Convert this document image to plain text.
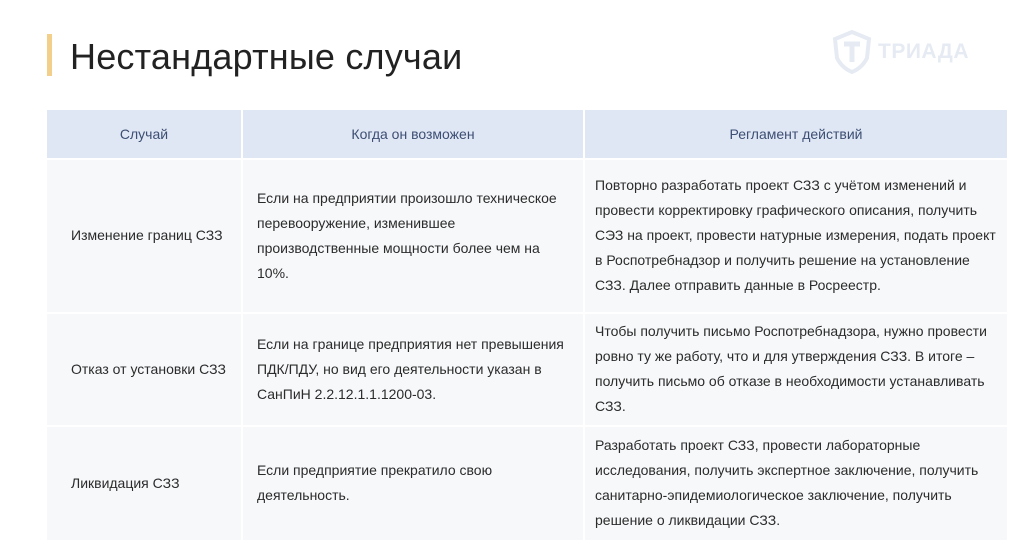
Нестандартные случаи	ТРИАДА
Случай	Когда он возможен	Регламент действий
Изменение границ СЗЗ	Если на предприятии произошло техническое перевооружение, изменившее производственные мощности более чем на 10%.	Повторно разработать проект СЗЗ с учётом изменений и провести корректировку графического описания, получить СЭЗ на проект, провести натурные измерения, подать проект в Роспотребнадзор и получить решение на установление СЗЗ. Далее отправить данные в Росреестр.
Отказ от установки СЗЗ	Если на границе предприятия нет превышения ПДК/ПДУ, но вид его деятельности указан в СанПиН 2.2.12.1.1.1200-03.	Чтобы получить письмо Роспотребнадзора, нужно провести ровно ту же работу, что и для утверждения СЗЗ. В итоге – получить письмо об отказе в необходимости устанавливать СЗЗ.
Ликвидация СЗЗ	Если предприятие прекратило свою деятельность.	Разработать проект СЗЗ, провести лабораторные исследования, получить экспертное заключение, получить санитарно-эпидемиологическое заключение, получить решение о ликвидации СЗЗ.
